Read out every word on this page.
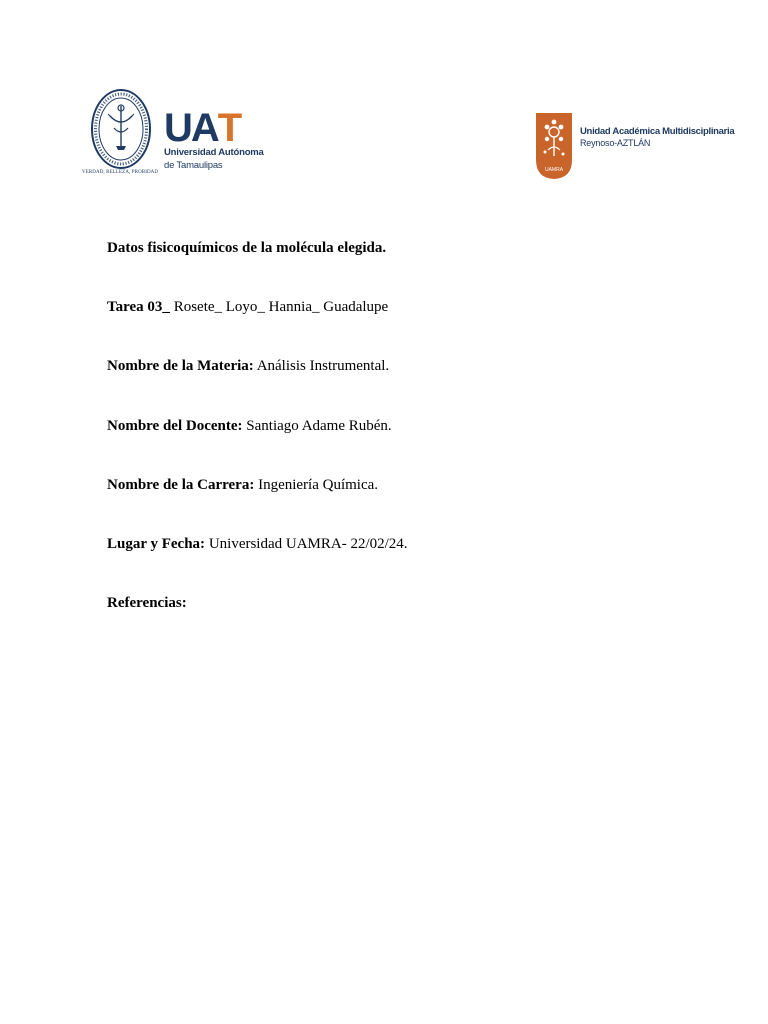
VERDAD, BELLEZA, PROBIDAD
U A T
Universidad Autónoma
de Tamaulipas	UAMRA
Unidad Académica Multidisciplinaria
Reynoso-AZTLÁN
Datos fisicoquímicos de la molécula elegida.
Tarea 03_ Rosete_ Loyo_ Hannia_ Guadalupe
Nombre de la Materia: Análisis Instrumental.
Nombre del Docente: Santiago Adame Rubén.
Nombre de la Carrera: Ingeniería Química.
Lugar y Fecha: Universidad UAMRA- 22/02/24.
Referencias:
